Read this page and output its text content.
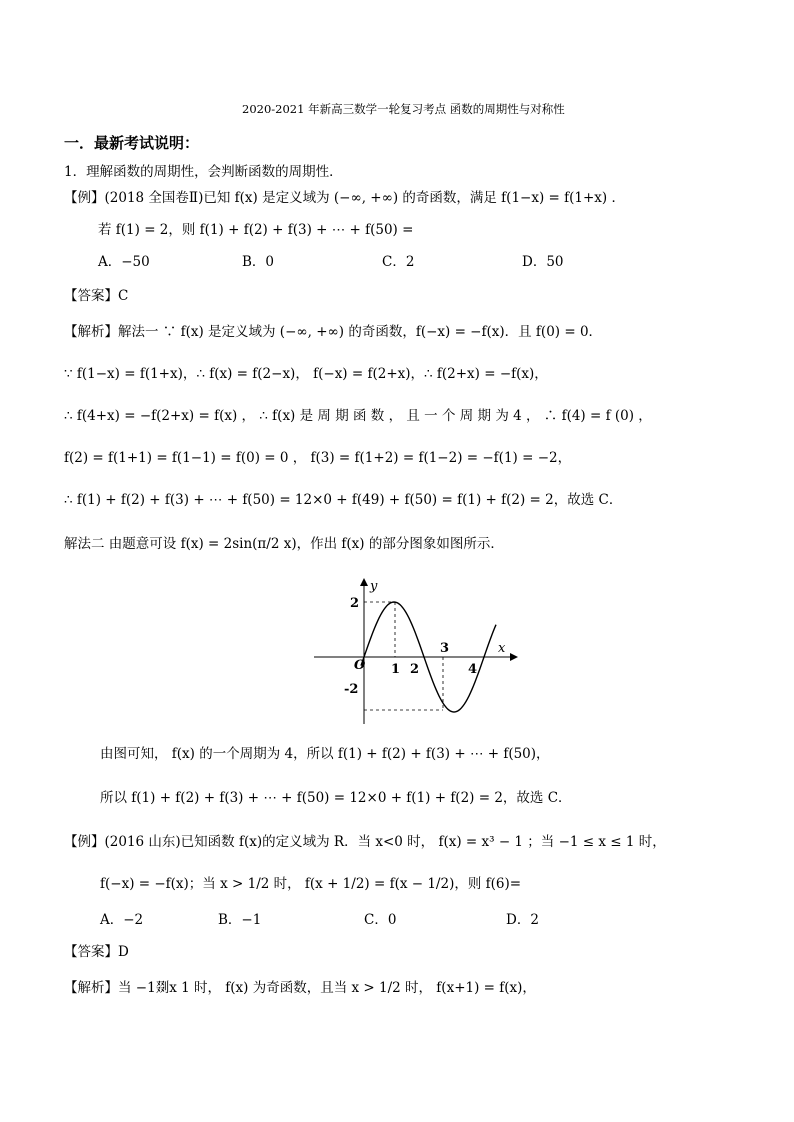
2020-2021 年新高三数学一轮复习考点 函数的周期性与对称性
一．最新考试说明：
1．理解函数的周期性，会判断函数的周期性．
【例】(2018 全国卷Ⅱ)已知 f(x) 是定义域为 (−∞, +∞) 的奇函数，满足 f(1−x) = f(1+x) ．
若 f(1) = 2，则 f(1) + f(2) + f(3) + ⋯ + f(50) =
A．−50	B．0	C．2	D．50
【答案】C
【解析】解法一 ∵ f(x) 是定义域为 (−∞, +∞) 的奇函数，f(−x) = −f(x)．且 f(0) = 0．
∵ f(1−x) = f(1+x)，∴ f(x) = f(2−x)， f(−x) = f(2+x)，∴ f(2+x) = −f(x)，
∴ f(4+x) = −f(2+x) = f(x) ， ∴ f(x) 是 周 期 函 数 ， 且 一 个 周 期 为 4 ， ∴ f(4) = f (0) ，
f(2) = f(1+1) = f(1−1) = f(0) = 0 ， f(3) = f(1+2) = f(1−2) = −f(1) = −2，
∴ f(1) + f(2) + f(3) + ⋯ + f(50) = 12×0 + f(49) + f(50) = f(1) + f(2) = 2，故选 C．
解法二 由题意可设 f(x) = 2sin(π/2 x)，作出 f(x) 的部分图象如图所示．
y
x
O 1 2
3
4
2
-2
由图可知， f(x) 的一个周期为 4，所以 f(1) + f(2) + f(3) + ⋯ + f(50)，
所以 f(1) + f(2) + f(3) + ⋯ + f(50) = 12×0 + f(1) + f(2) = 2，故选 C．
【例】(2016 山东)已知函数 f(x)的定义域为 R．当 x<0 时， f(x) = x³ − 1 ；当 −1 ≤ x ≤ 1 时，
f(−x) = −f(x)；当 x > 1/2 时， f(x + 1/2) = f(x − 1/2)，则 f(6)=
A．−2	B．−1	C．0	D．2
【答案】D
【解析】当 −1剟x 1 时， f(x) 为奇函数，且当 x > 1/2 时， f(x+1) = f(x)，
